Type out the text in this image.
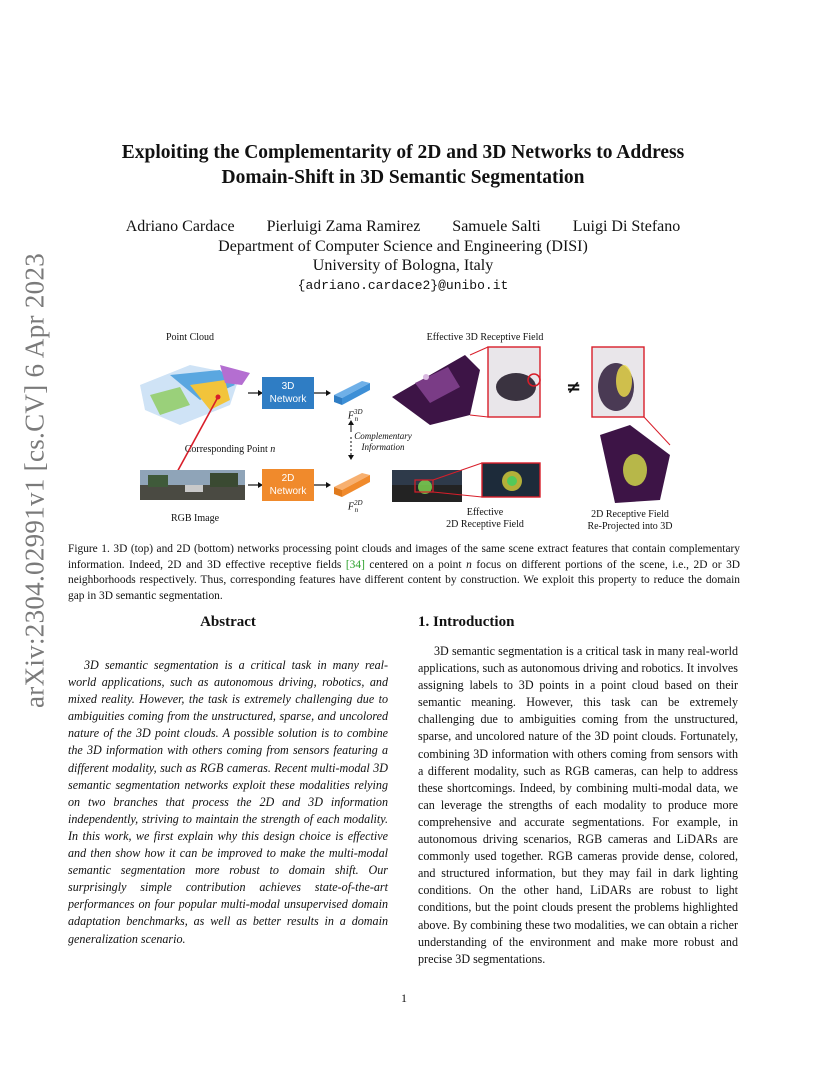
arXiv:2304.02991v1 [cs.CV] 6 Apr 2023
Exploiting the Complementarity of 2D and 3D Networks to Address
Domain-Shift in 3D Semantic Segmentation
Adriano Cardace Pierluigi Zama Ramirez Samuele Salti Luigi Di Stefano
Department of Computer Science and Engineering (DISI)
University of Bologna, Italy
{adriano.cardace2}@unibo.it
≠
Point Cloud
RGB Image
Corresponding Point n
3D
Network
2D
Network
$F^{3D}_n$
$F^{2D}_n$
Complementary
Information
Effective 3D Receptive Field
Effective
2D Receptive Field
2D Receptive Field
Re-Projected into 3D
Figure 1. 3D (top) and 2D (bottom) networks processing point clouds and images of the same scene extract features that contain complementary information. Indeed, 2D and 3D effective receptive fields [34] centered on a point n focus on different portions of the scene, i.e., 2D or 3D neighborhoods respectively. Thus, corresponding features have different content by construction. We exploit this property to reduce the domain gap in 3D semantic segmentation.
Abstract
3D semantic segmentation is a critical task in many real-world applications, such as autonomous driving, robotics, and mixed reality. However, the task is extremely challenging due to ambiguities coming from the unstructured, sparse, and uncolored nature of the 3D point clouds. A possible solution is to combine the 3D information with others coming from sensors featuring a different modality, such as RGB cameras. Recent multi-modal 3D semantic segmentation networks exploit these modalities relying on two branches that process the 2D and 3D information independently, striving to maintain the strength of each modality. In this work, we first explain why this design choice is effective and then show how it can be improved to make the multi-modal semantic segmentation more robust to domain shift. Our surprisingly simple contribution achieves state-of-the-art performances on four popular multi-modal unsupervised domain adaptation benchmarks, as well as better results in a domain generalization scenario.
1. Introduction
3D semantic segmentation is a critical task in many real-world applications, such as autonomous driving and robotics. It involves assigning labels to 3D points in a point cloud based on their semantic meaning. However, this task can be extremely challenging due to ambiguities coming from the unstructured, sparse, and uncolored nature of the 3D point clouds. Fortunately, combining 3D information with others coming from sensors with a different modality, such as RGB cameras, can help to address these shortcomings. Indeed, by combining multi-modal data, we can leverage the strengths of each modality to produce more comprehensive and accurate segmentations. For example, in autonomous driving scenarios, RGB cameras and LiDARs are commonly used together. RGB cameras provide dense, colored, and structured information, but they may fail in dark lighting conditions. On the other hand, LiDARs are robust to light conditions, but the point clouds present the problems highlighted above. By combining these two modalities, we can obtain a richer understanding of the environment and make more robust and precise 3D segmentations.
1
